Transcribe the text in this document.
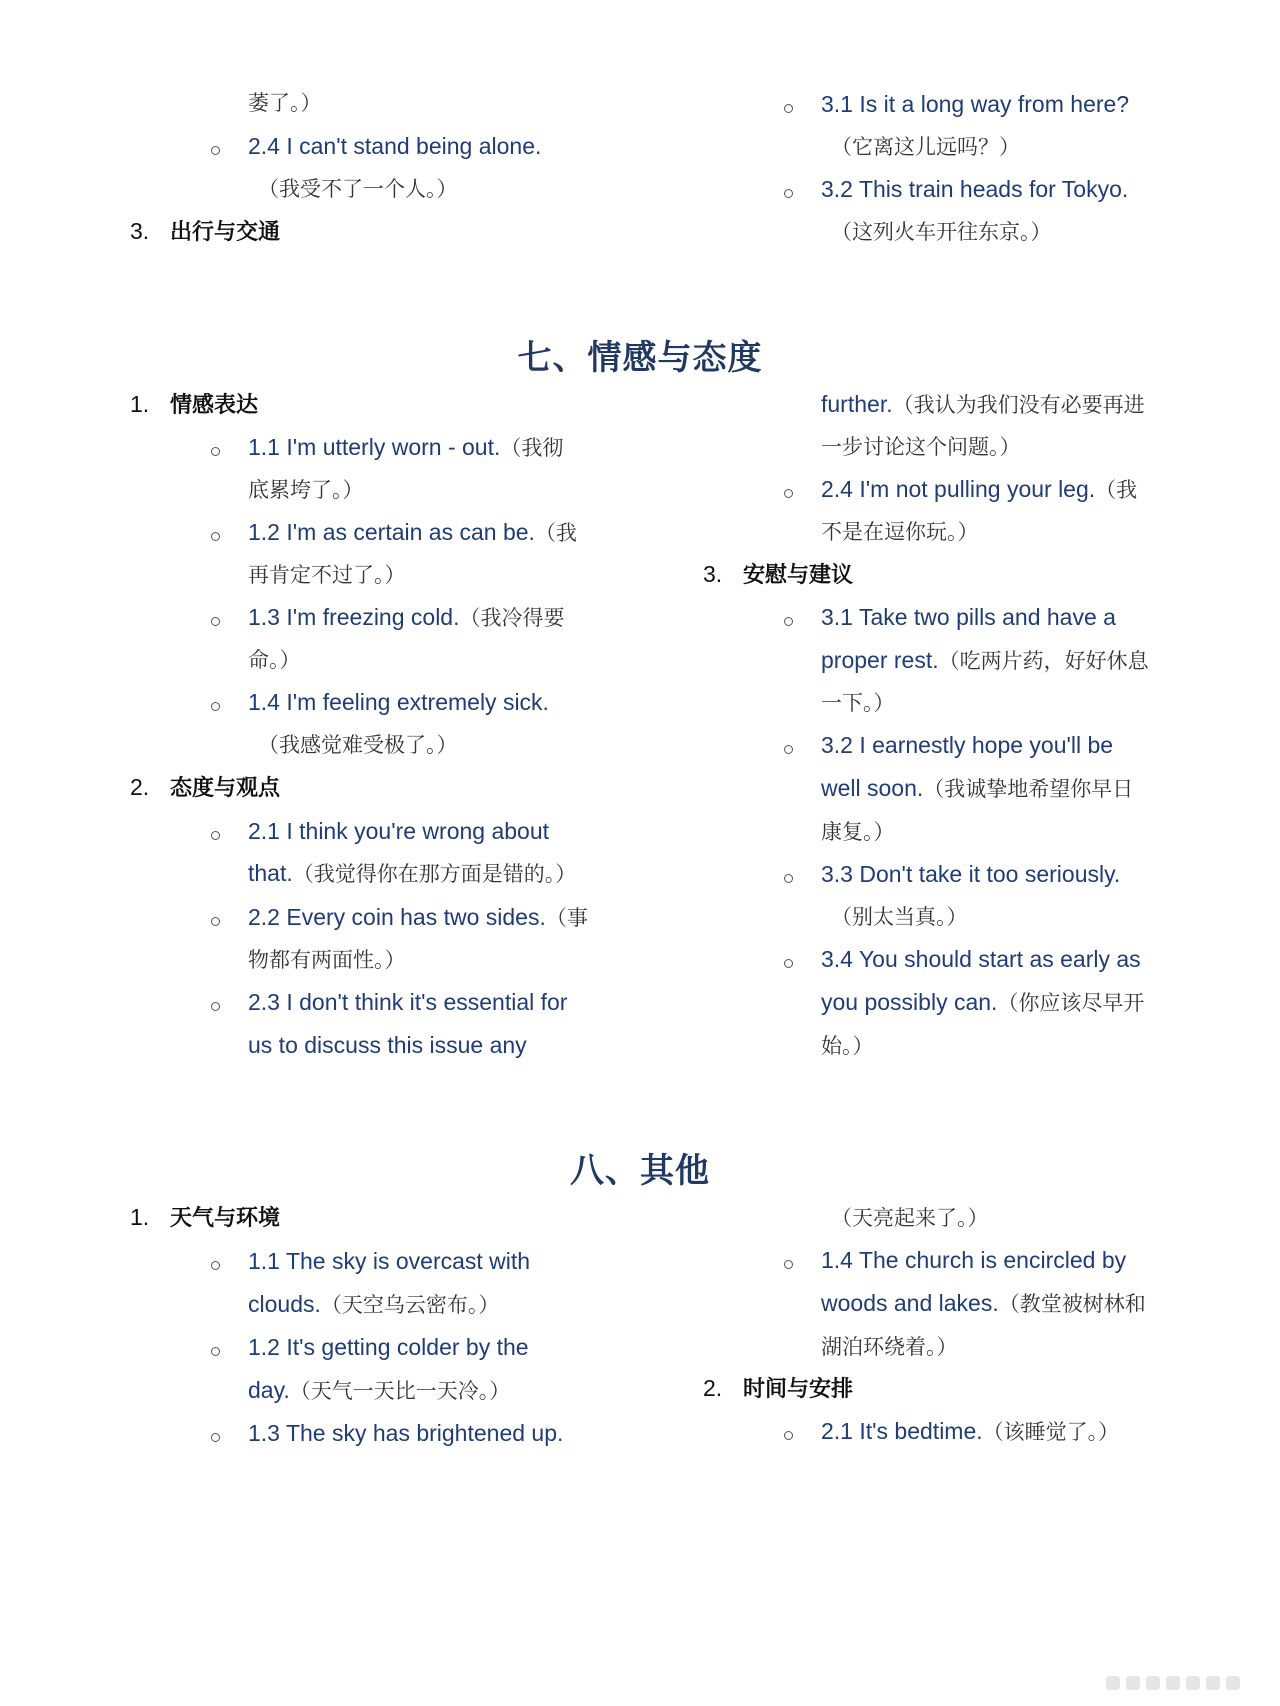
萎了。）
2.4 I can't stand being alone.
（我受不了一个人。）
3. 出行与交通
3.1 Is it a long way from here?
（它离这儿远吗？）
3.2 This train heads for Tokyo.
（这列火车开往东京。）
七、情感与态度
1. 情感表达
1.1 I'm utterly worn - out.（我彻
底累垮了。）
1.2 I'm as certain as can be.（我
再肯定不过了。）
1.3 I'm freezing cold.（我冷得要
命。）
1.4 I'm feeling extremely sick.
（我感觉难受极了。）
2. 态度与观点
2.1 I think you're wrong about
that.（我觉得你在那方面是错的。）
2.2 Every coin has two sides.（事
物都有两面性。）
2.3 I don't think it's essential for
us to discuss this issue any
further.（我认为我们没有必要再进
一步讨论这个问题。）
2.4 I'm not pulling your leg.（我
不是在逗你玩。）
3. 安慰与建议
3.1 Take two pills and have a
proper rest.（吃两片药，好好休息
一下。）
3.2 I earnestly hope you'll be
well soon.（我诚挚地希望你早日
康复。）
3.3 Don't take it too seriously.
（别太当真。）
3.4 You should start as early as
you possibly can.（你应该尽早开
始。）
八、其他
1. 天气与环境
1.1 The sky is overcast with
clouds.（天空乌云密布。）
1.2 It's getting colder by the
day.（天气一天比一天冷。）
1.3 The sky has brightened up.
（天亮起来了。）
1.4 The church is encircled by
woods and lakes.（教堂被树林和
湖泊环绕着。）
2. 时间与安排
2.1 It's bedtime.（该睡觉了。）
